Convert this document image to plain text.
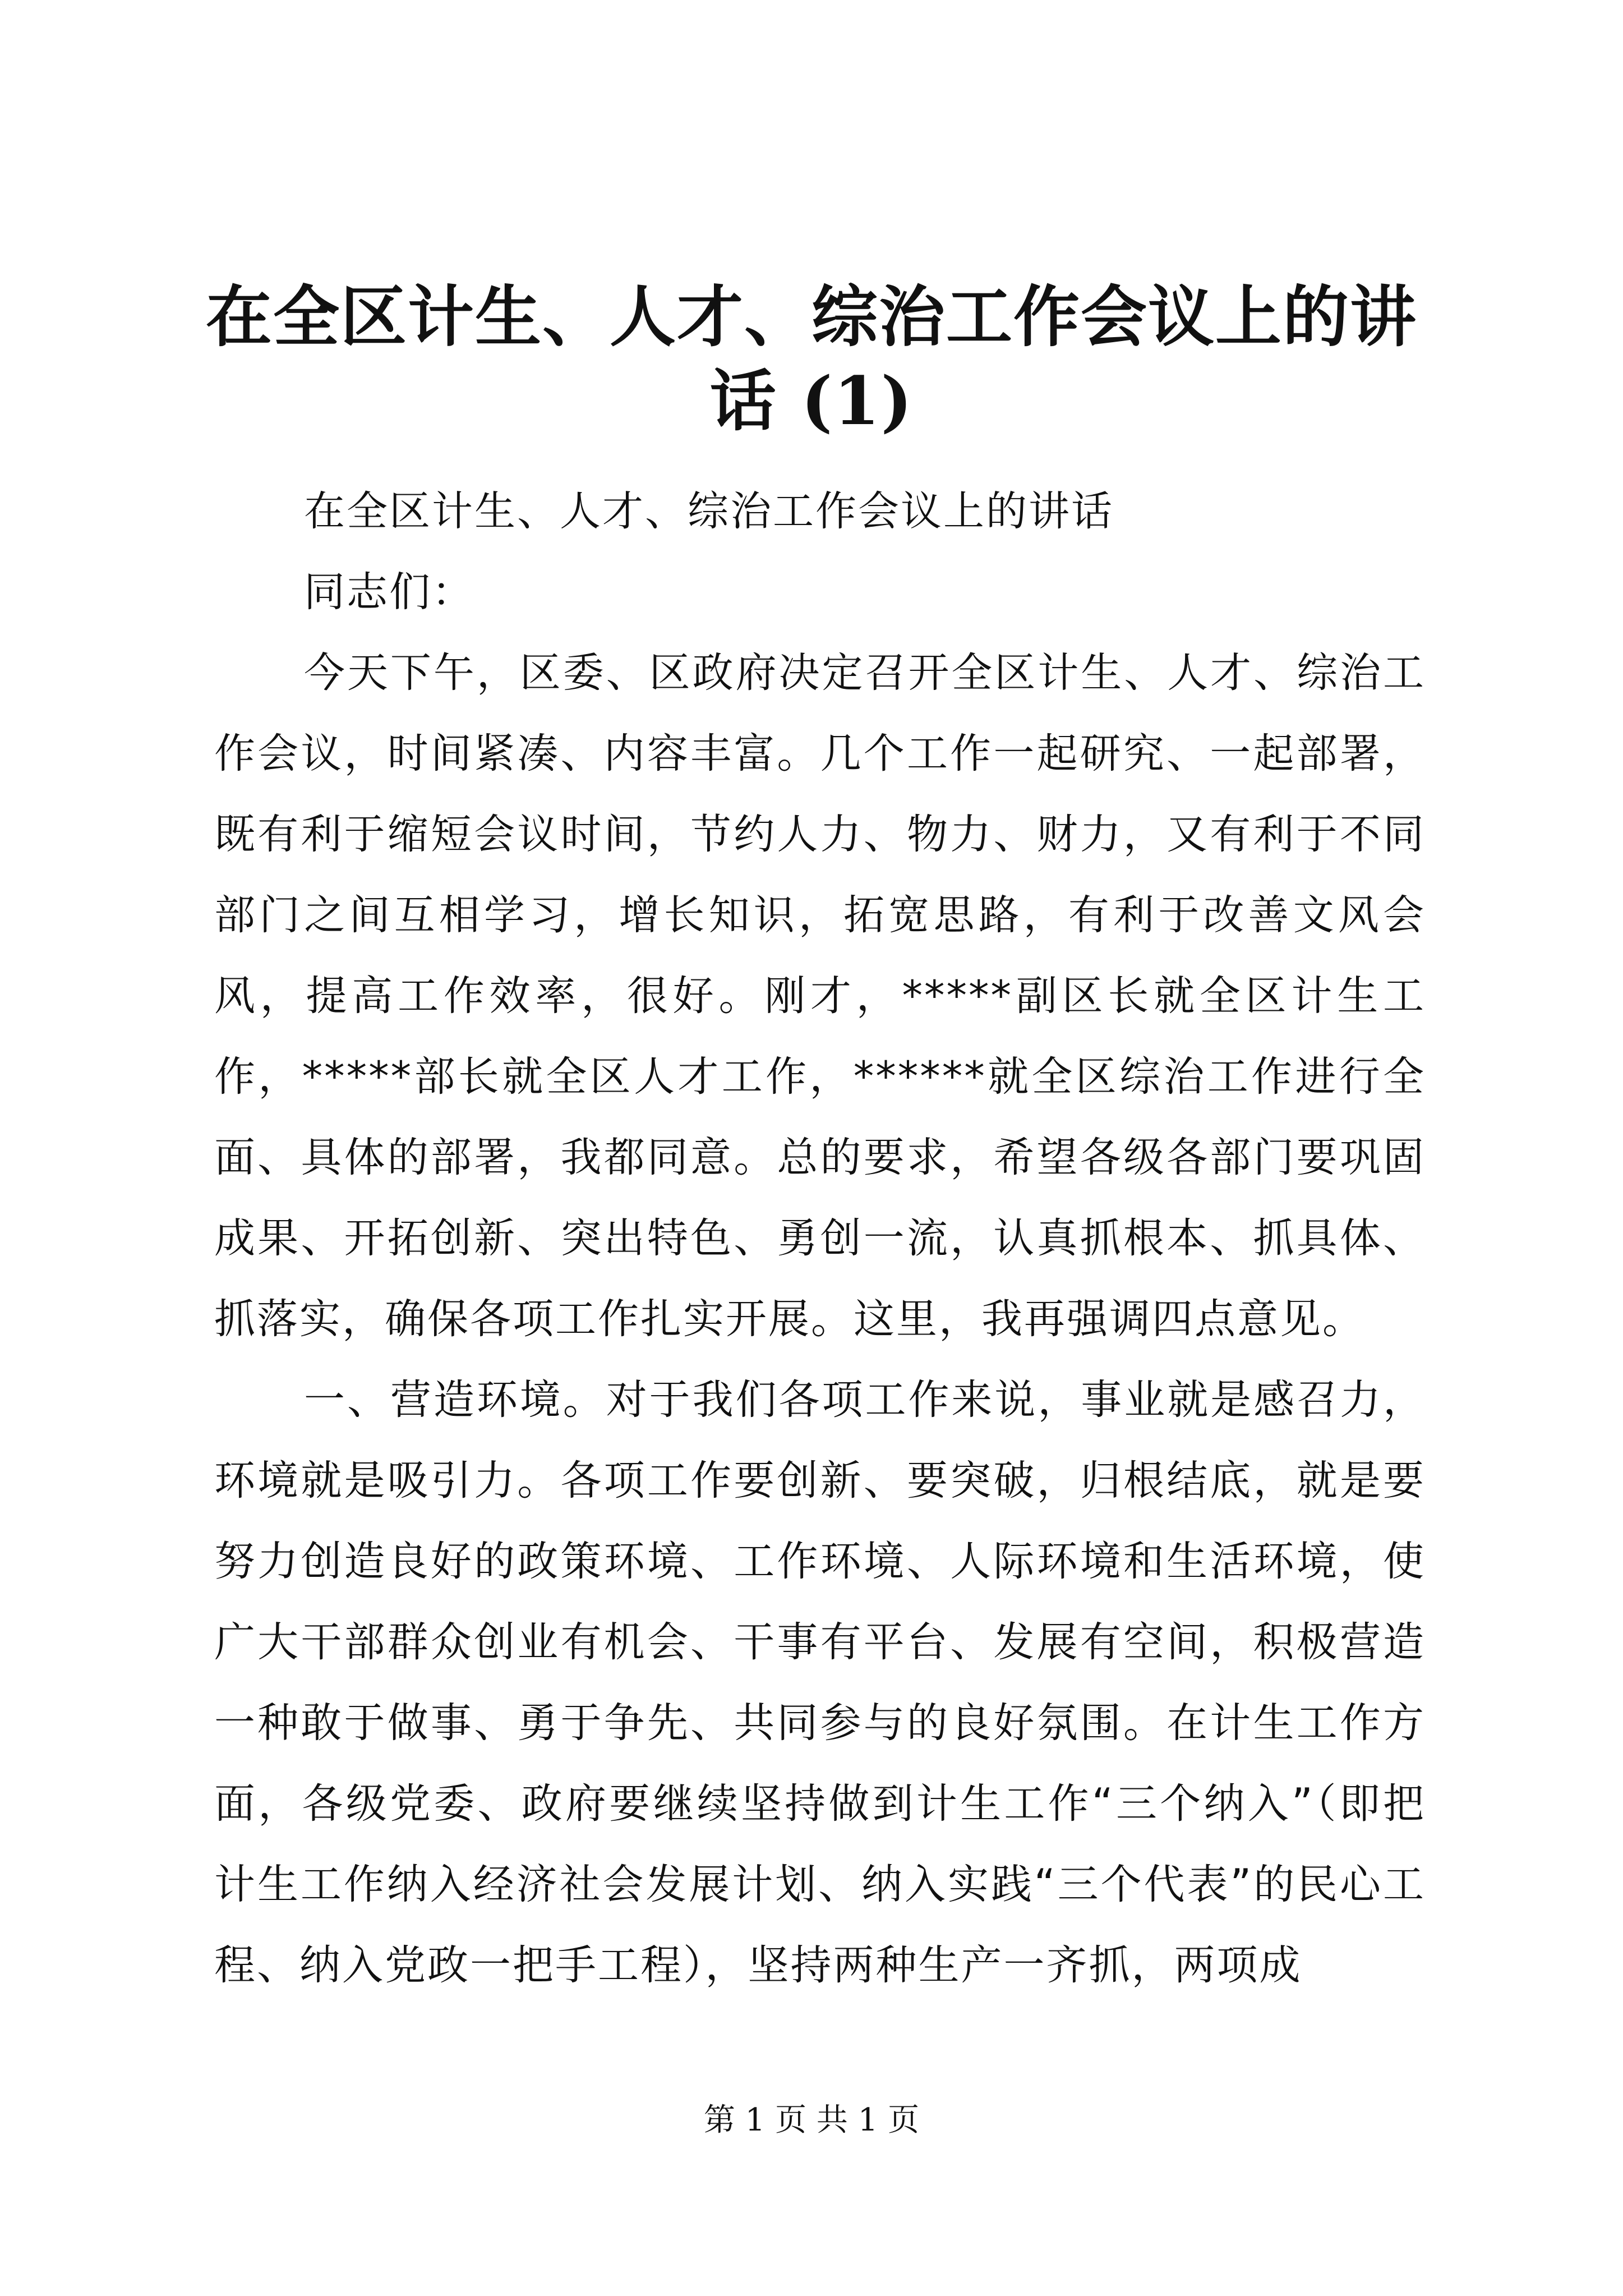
在全区计生、人才、综治工作会议上的讲话 (1)

在全区计生、人才、综治工作会议上的讲话

同志们：

今天下午，区委、区政府决定召开全区计生、人才、综治工作会议，时间紧凑、内容丰富。几个工作一起研究、一起部署，既有利于缩短会议时间，节约人力、物力、财力，又有利于不同部门之间互相学习，增长知识，拓宽思路，有利于改善文风会风，提高工作效率，很好。刚才，*****副区长就全区计生工作，*****部长就全区人才工作，******就全区综治工作进行全面、具体的部署，我都同意。总的要求，希望各级各部门要巩固成果、开拓创新、突出特色、勇创一流，认真抓根本、抓具体、抓落实，确保各项工作扎实开展。这里，我再强调四点意见。

一、营造环境。对于我们各项工作来说，事业就是感召力，环境就是吸引力。各项工作要创新、要突破，归根结底，就是要努力创造良好的政策环境、工作环境、人际环境和生活环境，使广大干部群众创业有机会、干事有平台、发展有空间，积极营造一种敢于做事、勇于争先、共同参与的良好氛围。在计生工作方面，各级党委、政府要继续坚持做到计生工作“三个纳入”（即把计生工作纳入经济社会发展计划、纳入实践“三个代表”的民心工程、纳入党政一把手工程），坚持两种生产一齐抓，两项成

第 1 页 共 1 页
